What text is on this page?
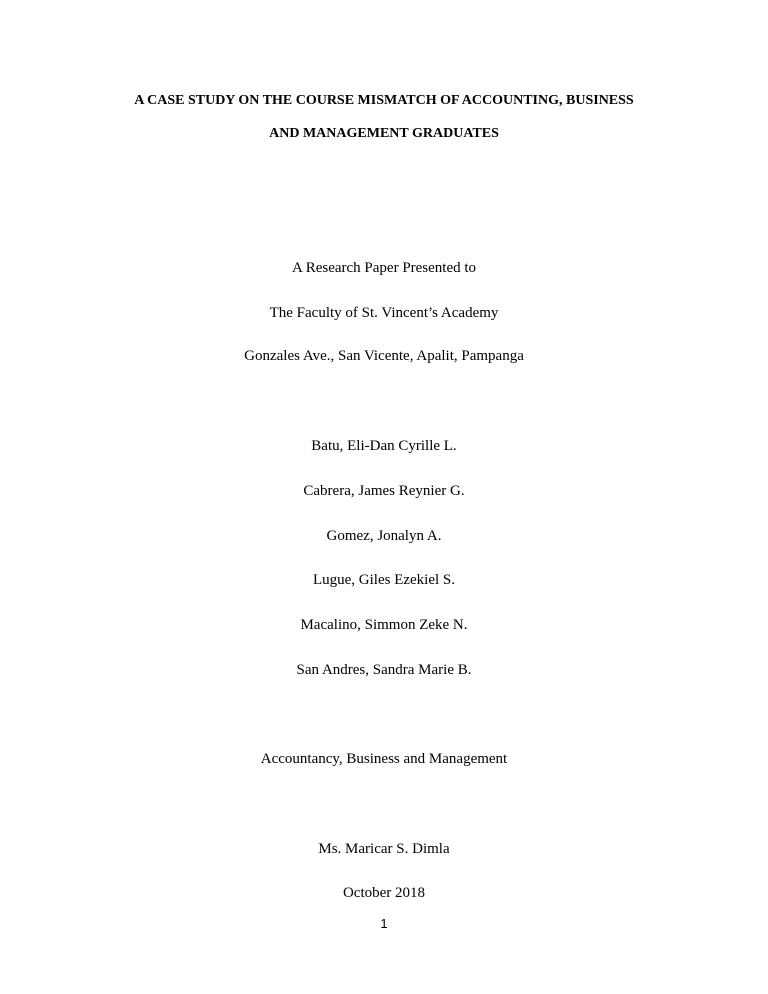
A CASE STUDY ON THE COURSE MISMATCH OF ACCOUNTING, BUSINESS
AND MANAGEMENT GRADUATES
A Research Paper Presented to
The Faculty of St. Vincent’s Academy
Gonzales Ave., San Vicente, Apalit, Pampanga
Batu, Eli-Dan Cyrille L.
Cabrera, James Reynier G.
Gomez, Jonalyn A.
Lugue, Giles Ezekiel S.
Macalino, Simmon Zeke N.
San Andres, Sandra Marie B.
Accountancy, Business and Management
Ms. Maricar S. Dimla
October 2018
1
